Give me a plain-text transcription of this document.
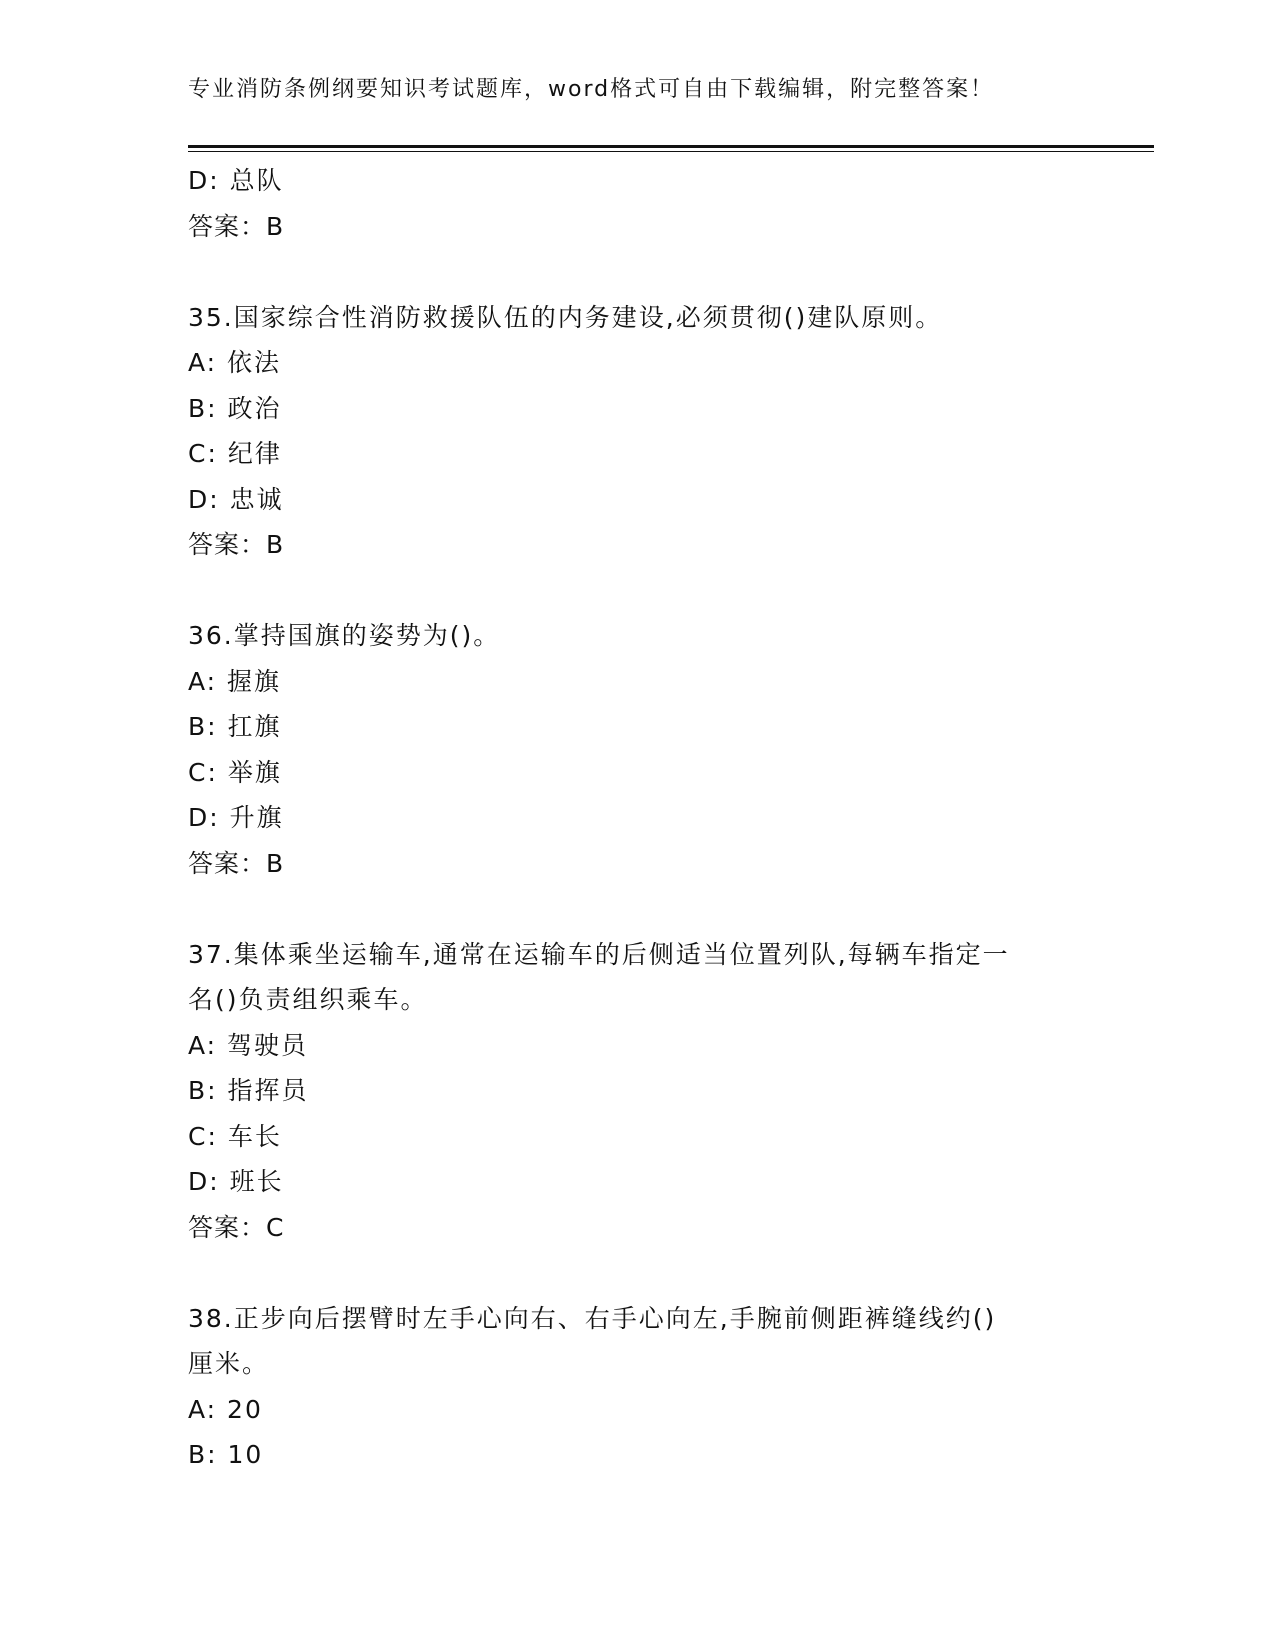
专业消防条例纲要知识考试题库，word格式可自由下载编辑，附完整答案！
D: 总队
答案：B
35.国家综合性消防救援队伍的内务建设,必须贯彻()建队原则。
A: 依法
B: 政治
C: 纪律
D: 忠诚
答案：B
36.掌持国旗的姿势为()。
A: 握旗
B: 扛旗
C: 举旗
D: 升旗
答案：B
37.集体乘坐运输车,通常在运输车的后侧适当位置列队,每辆车指定一
名()负责组织乘车。
A: 驾驶员
B: 指挥员
C: 车长
D: 班长
答案：C
38.正步向后摆臂时左手心向右、右手心向左,手腕前侧距裤缝线约()
厘米。
A: 20
B: 10
